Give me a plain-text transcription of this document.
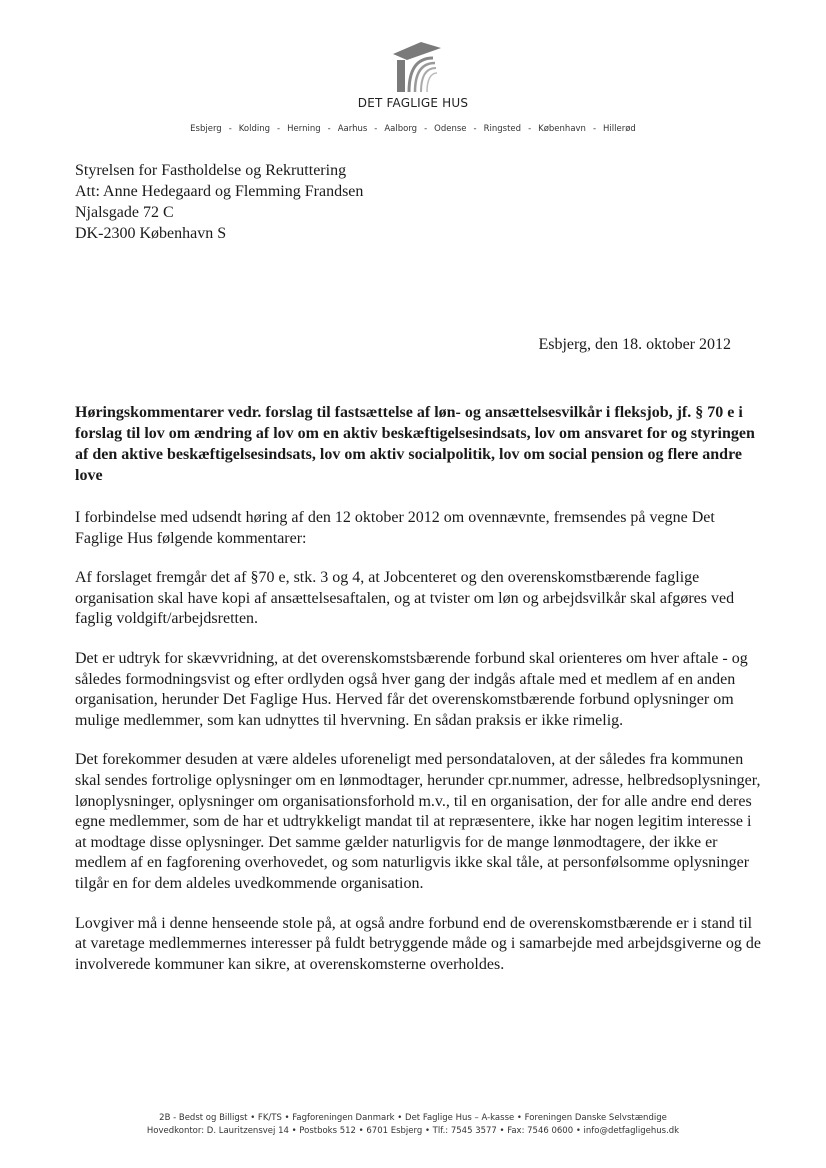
DET FAGLIGE HUS
Esbjerg - Kolding - Herning - Aarhus - Aalborg - Odense - Ringsted - København - Hillerød
Styrelsen for Fastholdelse og Rekruttering
Att: Anne Hedegaard og Flemming Frandsen
Njalsgade 72 C
DK-2300 København S
Esbjerg, den 18. oktober 2012
Høringskommentarer vedr. forslag til fastsættelse af løn- og ansættelsesvilkår i fleksjob, jf. § 70 e i forslag til lov om ændring af lov om en aktiv beskæftigelsesindsats, lov om ansvaret for og styringen af den aktive beskæftigelsesindsats, lov om aktiv socialpolitik, lov om social pension og flere andre love

I forbindelse med udsendt høring af den 12 oktober 2012 om ovennævnte, fremsendes på vegne Det Faglige Hus følgende kommentarer:

Af forslaget fremgår det af §70 e, stk. 3 og 4, at Jobcenteret og den overenskomstbærende faglige organisation skal have kopi af ansættelsesaftalen, og at tvister om løn og arbejdsvilkår skal afgøres ved faglig voldgift/arbejdsretten.

Det er udtryk for skævvridning, at det overenskomstsbærende forbund skal orienteres om hver aftale - og således formodningsvist og efter ordlyden også hver gang der indgås aftale med et medlem af en anden organisation, herunder Det Faglige Hus. Herved får det overenskomstbærende forbund oplysninger om mulige medlemmer, som kan udnyttes til hvervning. En sådan praksis er ikke rimelig.

Det forekommer desuden at være aldeles uforeneligt med persondataloven, at der således fra kommunen skal sendes fortrolige oplysninger om en lønmodtager, herunder cpr.nummer, adresse, helbredsoplysninger, lønoplysninger, oplysninger om organisationsforhold m.v., til en organisation, der for alle andre end deres egne medlemmer, som de har et udtrykkeligt mandat til at repræsentere, ikke har nogen legitim interesse i at modtage disse oplysninger. Det samme gælder naturligvis for de mange lønmodtagere, der ikke er medlem af en fagforening overhovedet, og som naturligvis ikke skal tåle, at personfølsomme oplysninger tilgår en for dem aldeles uvedkommende organisation.

Lovgiver må i denne henseende stole på, at også andre forbund end de overenskomstbærende er i stand til at varetage medlemmernes interesser på fuldt betryggende måde og i samarbejde med arbejdsgiverne og de involverede kommuner kan sikre, at overenskomsterne overholdes.

2B - Bedst og Billigst • FK/TS • Fagforeningen Danmark • Det Faglige Hus – A-kasse • Foreningen Danske Selvstændige
Hovedkontor: D. Lauritzensvej 14 • Postboks 512 • 6701 Esbjerg • Tlf.: 7545 3577 • Fax: 7546 0600 • info@detfagligehus.dk
